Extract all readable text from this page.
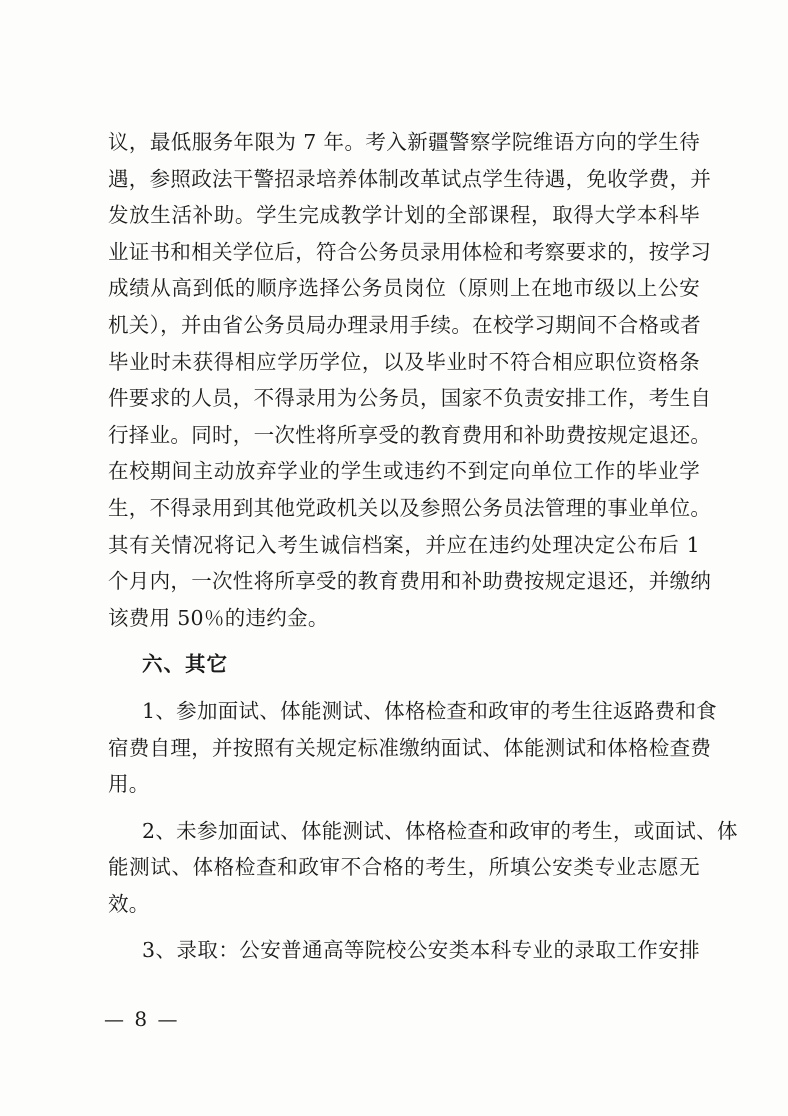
议，最低服务年限为 7 年。考入新疆警察学院维语方向的学生待
遇，参照政法干警招录培养体制改革试点学生待遇，免收学费，并
发放生活补助。学生完成教学计划的全部课程，取得大学本科毕
业证书和相关学位后，符合公务员录用体检和考察要求的，按学习
成绩从高到低的顺序选择公务员岗位（原则上在地市级以上公安
机关），并由省公务员局办理录用手续。在校学习期间不合格或者
毕业时未获得相应学历学位，以及毕业时不符合相应职位资格条
件要求的人员，不得录用为公务员，国家不负责安排工作，考生自
行择业。同时，一次性将所享受的教育费用和补助费按规定退还。
在校期间主动放弃学业的学生或违约不到定向单位工作的毕业学
生，不得录用到其他党政机关以及参照公务员法管理的事业单位。
其有关情况将记入考生诚信档案，并应在违约处理决定公布后 1
个月内，一次性将所享受的教育费用和补助费按规定退还，并缴纳
该费用 50％的违约金。
六、其它
1、参加面试、体能测试、体格检查和政审的考生往返路费和食
宿费自理，并按照有关规定标准缴纳面试、体能测试和体格检查费
用。
2、未参加面试、体能测试、体格检查和政审的考生，或面试、体
能测试、体格检查和政审不合格的考生，所填公安类专业志愿无
效。
3、录取：公安普通高等院校公安类本科专业的录取工作安排
— 8 —
